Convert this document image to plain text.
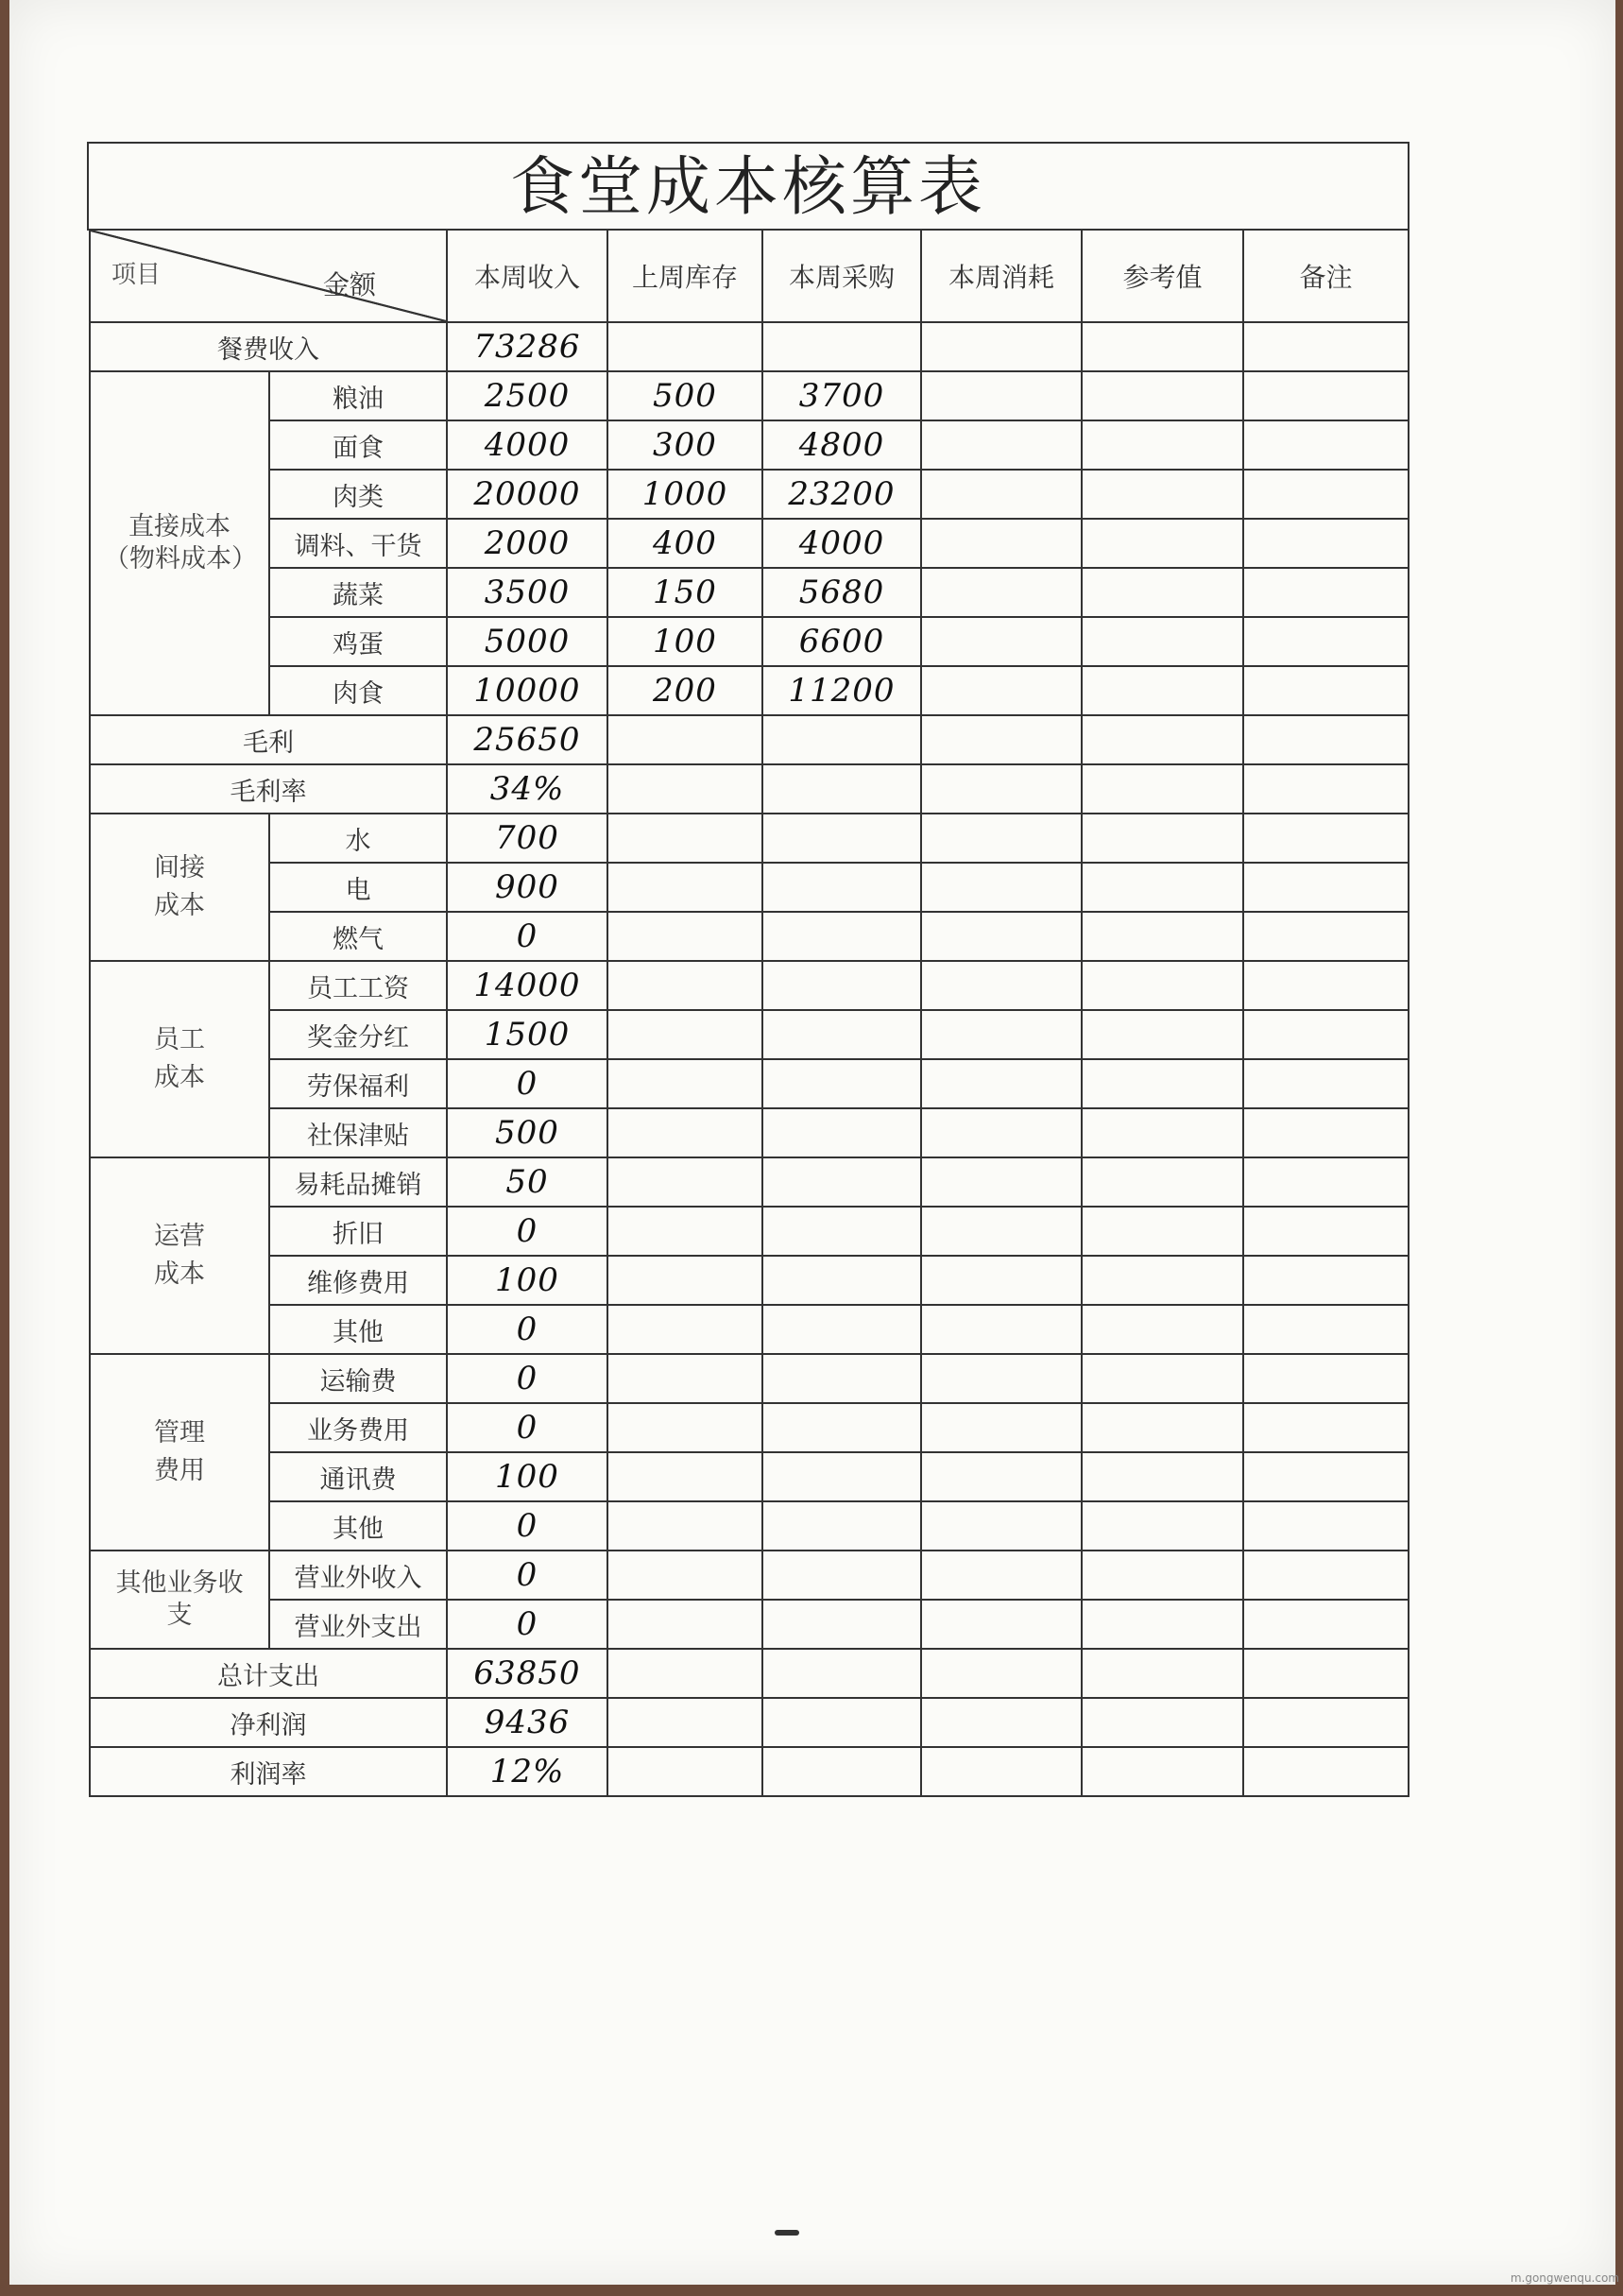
食堂成本核算表
项目 金额		本周收入	上周库存	本周采购	本周消耗	参考值	备注
餐费收入		73286					
直接成本（物料成本）	粮油	2500	500	3700			
	面食	4000	300	4800			
	肉类	20000	1000	23200			
	调料、干货	2000	400	4000			
	蔬菜	3500	150	5680			
	鸡蛋	5000	100	6600			
	肉食	10000	200	11200			
毛利		25650					
毛利率		34%					
间接成本	水	700					
	电	900					
	燃气	0					
员工成本	员工工资	14000					
	奖金分红	1500					
	劳保福利	0					
	社保津贴	500					
运营成本	易耗品摊销	50					
	折旧	0					
	维修费用	100					
	其他	0					
管理费用	运输费	0					
	业务费用	0					
	通讯费	100					
	其他	0					
其他业务收支	营业外收入	0					
	营业外支出	0					
总计支出		63850					
净利润		9436					
利润率		12%					
m.gongwenqu.com
